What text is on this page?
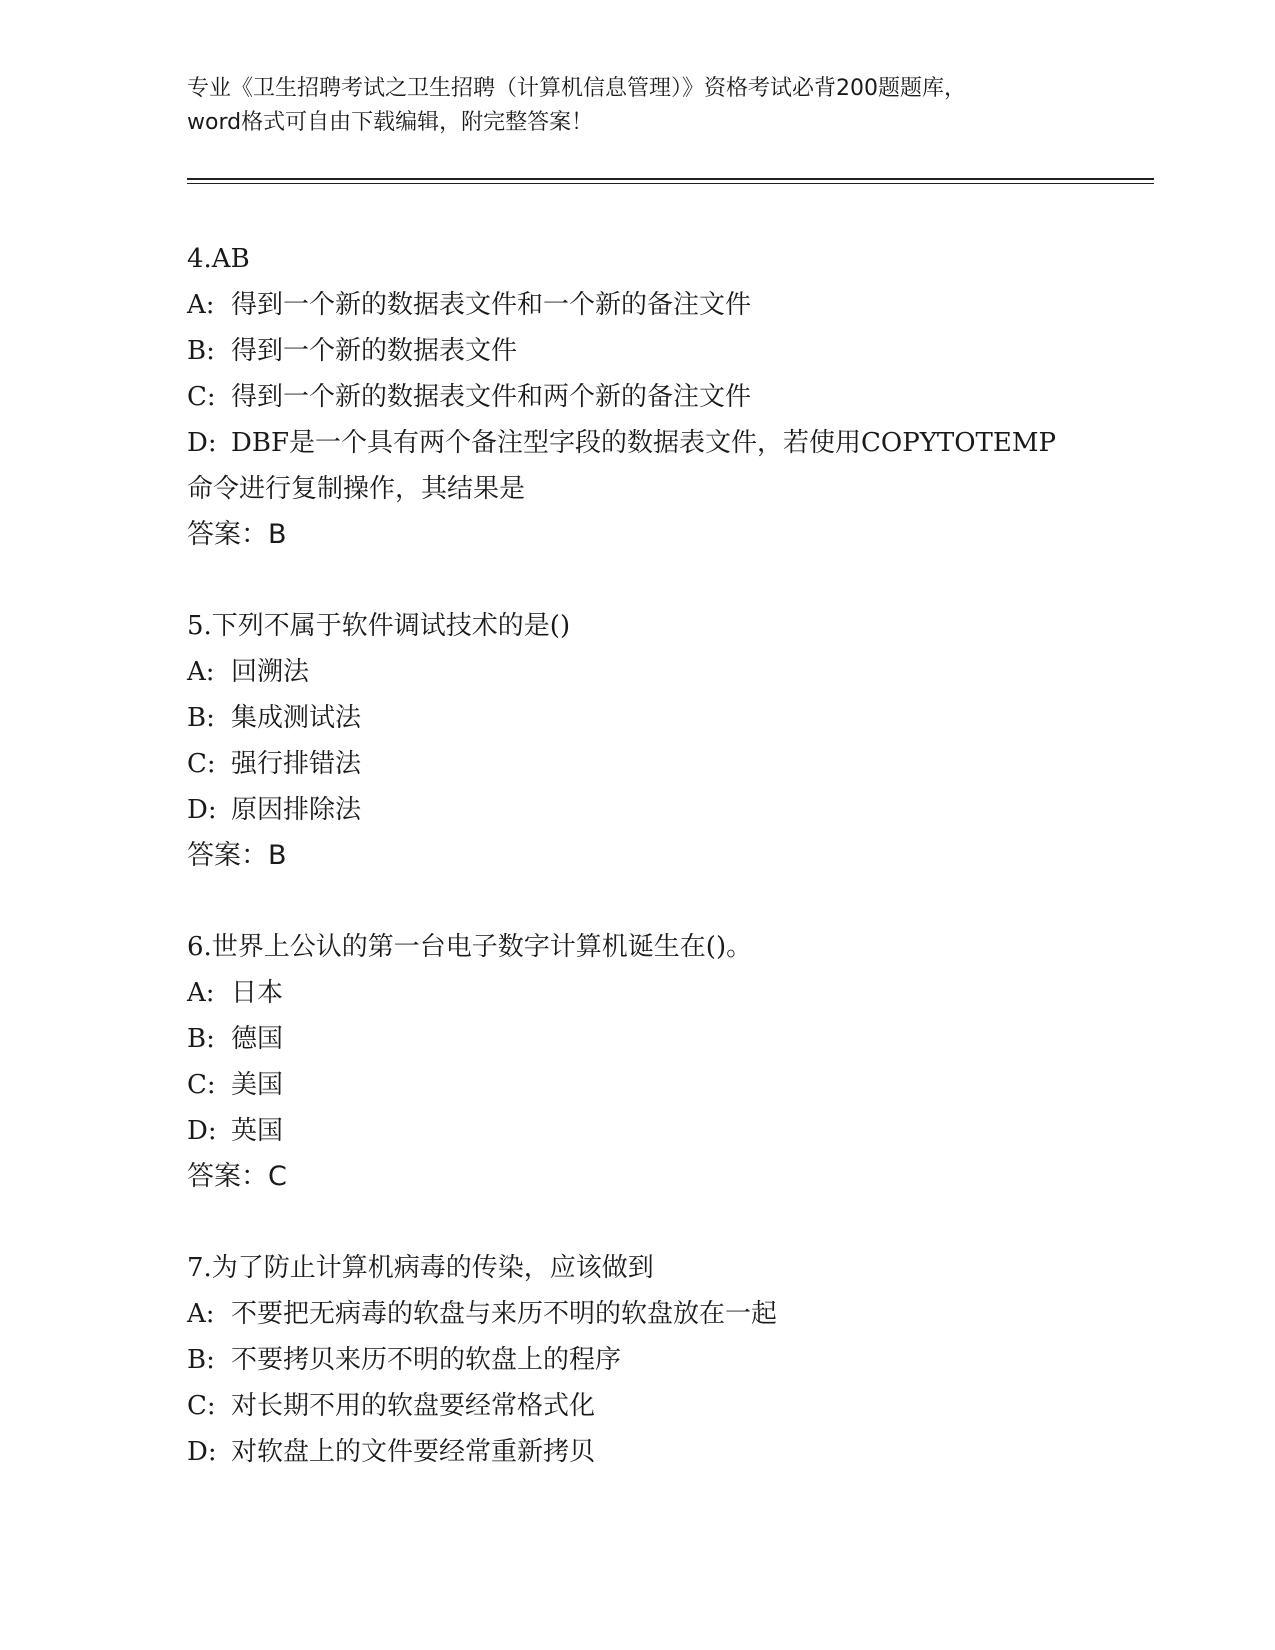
专业《卫生招聘考试之卫生招聘（计算机信息管理）》资格考试必背200题题库，
word格式可自由下载编辑，附完整答案！
4.AB
A: 得到一个新的数据表文件和一个新的备注文件
B: 得到一个新的数据表文件
C: 得到一个新的数据表文件和两个新的备注文件
D: DBF是一个具有两个备注型字段的数据表文件，若使用COPYTOTEMP
命令进行复制操作，其结果是
答案：B
5.下列不属于软件调试技术的是()
A: 回溯法
B: 集成测试法
C: 强行排错法
D: 原因排除法
答案：B
6.世界上公认的第一台电子数字计算机诞生在()。
A: 日本
B: 德国
C: 美国
D: 英国
答案：C
7.为了防止计算机病毒的传染，应该做到
A: 不要把无病毒的软盘与来历不明的软盘放在一起
B: 不要拷贝来历不明的软盘上的程序
C: 对长期不用的软盘要经常格式化
D: 对软盘上的文件要经常重新拷贝
